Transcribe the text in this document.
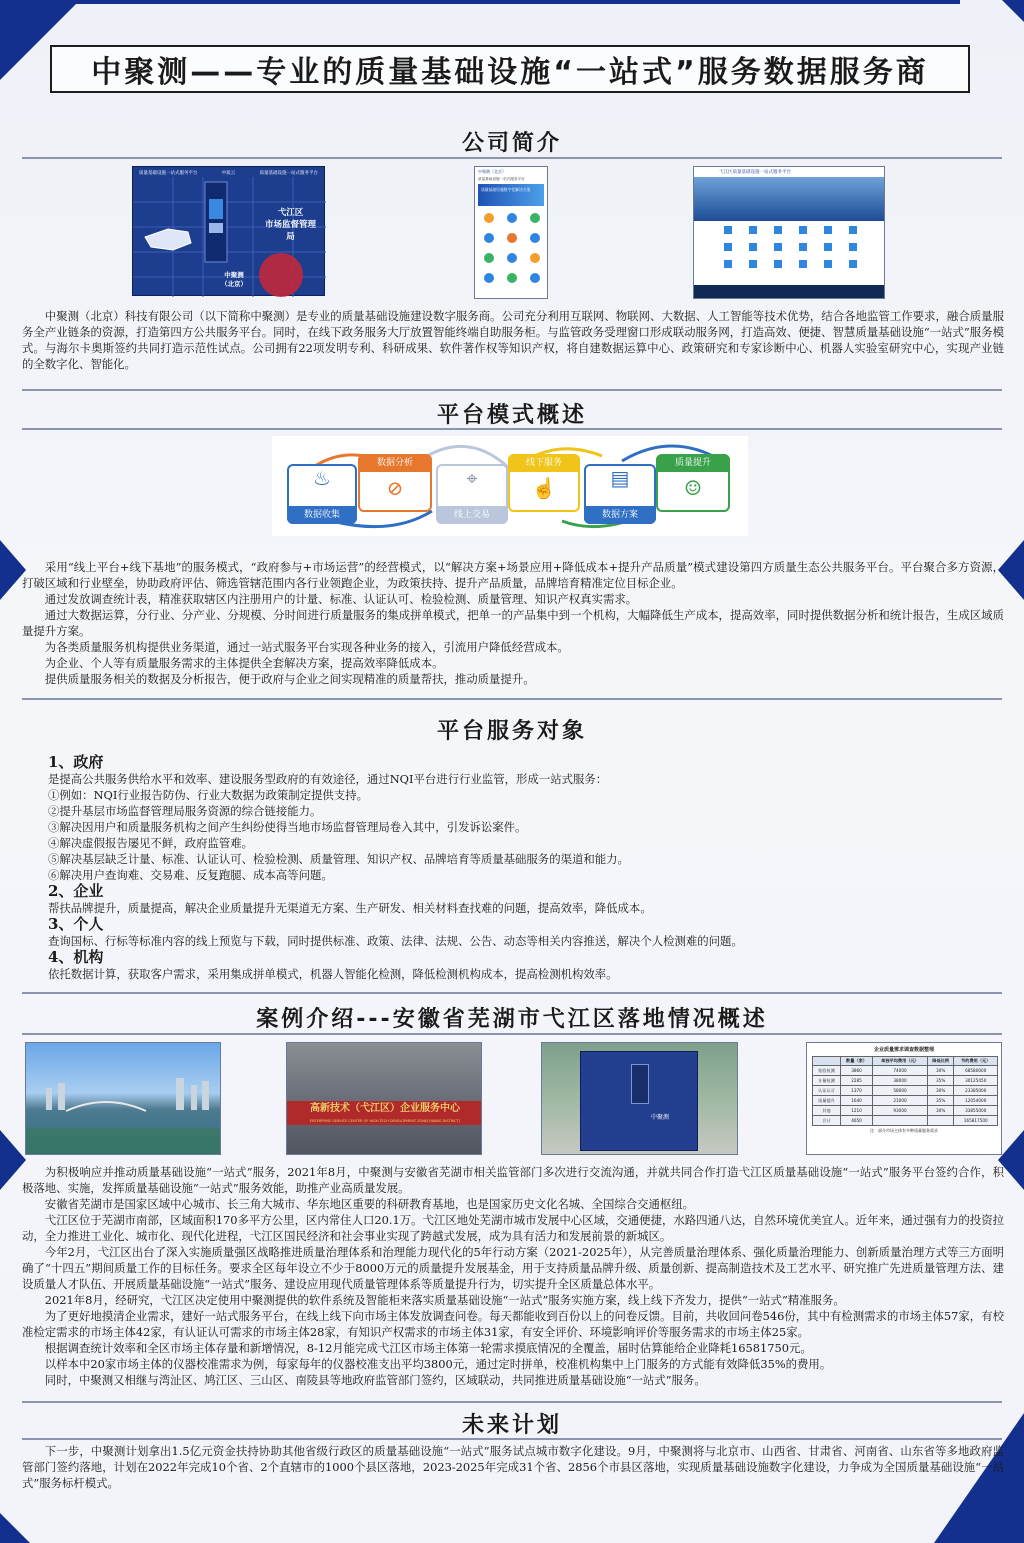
中聚测——专业的质量基础设施“一站式”服务数据服务商
公司简介
质量基础设施一站式服务平台	中质云	质量基础设施一站式服务平台
弋江区
弋江区
市场监督管理局
中聚测
（北京）
中聚测（北京）
质量基础设施一站式服务平台
质量基础设施数字化解决方案
弋江区质量基础设施一站式服务平台

中聚测（北京）科技有限公司（以下简称中聚测）是专业的质量基础设施建设数字服务商。公司充分利用互联网、物联网、大数据、人工智能等技术优势，结合各地监管工作要求，融合质量服务全产业链条的资源，打造第四方公共服务平台。同时，在线下政务服务大厅放置智能终端自助服务柜。与监管政务受理窗口形成联动服务网，打造高效、便捷、智慧质量基础设施“一站式”服务模式。与海尔卡奥斯签约共同打造示范性试点。公司拥有22项发明专利、科研成果、软件著作权等知识产权，将自建数据运算中心、政策研究和专家诊断中心、机器人实验室研究中心，实现产业链的全数字化、智能化。

平台模式概述
♨
数据收集
数据分析
⊘	⌖
线上交易
线下服务
☝	▤
数据方案
质量提升
☺

采用“线上平台+线下基地”的服务模式，“政府参与+市场运营”的经营模式，以“解决方案+场景应用+降低成本+提升产品质量”模式建设第四方质量生态公共服务平台。平台聚合多方资源，打破区域和行业壁垒，协助政府评估、筛选管辖范围内各行业领跑企业，为政策扶持、提升产品质量，品牌培育精准定位目标企业。

通过发放调查统计表，精准获取辖区内注册用户的计量、标准、认证认可、检验检测、质量管理、知识产权真实需求。

通过大数据运算，分行业、分产业、分规模、分时间进行质量服务的集成拼单模式，把单一的产品集中到一个机构，大幅降低生产成本，提高效率，同时提供数据分析和统计报告，生成区域质量提升方案。

为各类质量服务机构提供业务渠道，通过一站式服务平台实现各种业务的接入，引流用户降低经营成本。

为企业、个人等有质量服务需求的主体提供全套解决方案，提高效率降低成本。

提供质量服务相关的数据及分析报告，便于政府与企业之间实现精准的质量帮扶，推动质量提升。

平台服务对象
1、政府

是提高公共服务供给水平和效率、建设服务型政府的有效途径，通过NQI平台进行行业监管，形成一站式服务：

①例如：NQI行业报告防伪、行业大数据为政策制定提供支持。

②提升基层市场监督管理局服务资源的综合链接能力。

③解决因用户和质量服务机构之间产生纠纷使得当地市场监督管理局卷入其中，引发诉讼案件。

④解决虚假报告屡见不鲜，政府监管难。

⑤解决基层缺乏计量、标准、认证认可、检验检测、质量管理、知识产权、品牌培育等质量基础服务的渠道和能力。

⑥解决用户查询难、交易难、反复跑腿、成本高等问题。

2、企业

帮扶品牌提升，质量提高，解决企业质量提升无渠道无方案、生产研发、相关材料查找难的问题，提高效率，降低成本。

3、个人

查询国标、行标等标准内容的线上预览与下载，同时提供标准、政策、法律、法规、公告、动态等相关内容推送，解决个人检测难的问题。

4、机构

依托数据计算，获取客户需求，采用集成拼单模式，机器人智能化检测，降低检测机构成本，提高检测机构效率。

案例介绍---安徽省芜湖市弋江区落地情况概述
高新技术（弋江区）企业服务中心
ENTERPRISE SERVICE CENTER OF HIGH-TECH DEVELOPMENT ZONE(YIJIANG DISTRICT)	中聚测
企业质量需求调查数据整理
	数量（家）	单独平均费用（元）	降低比例	节约费用（元）
检验检测	3860	74000	30%	68580000
计量检测	2285	38000	35%	30125450
认证认可	1370	58000	30%	23385000
质量提升	1640	21000	35%	12054000
其他	1210	93000	30%	33855000
合计	4650			165817500
注：部分市场主体有多种质量服务需求

为积极响应并推动质量基础设施“一站式”服务，2021年8月，中聚测与安徽省芜湖市相关监管部门多次进行交流沟通，并就共同合作打造弋江区质量基础设施“一站式”服务平台签约合作，积极落地、实施，发挥质量基础设施“一站式”服务效能，助推产业高质量发展。

安徽省芜湖市是国家区域中心城市、长三角大城市、华东地区重要的科研教育基地，也是国家历史文化名城、全国综合交通枢纽。

弋江区位于芜湖市南部，区域面积170多平方公里，区内常住人口20.1万。弋江区地处芜湖市城市发展中心区域，交通便捷，水路四通八达，自然环境优美宜人。近年来，通过强有力的投资拉动，全力推进工业化、城市化、现代化进程，弋江区国民经济和社会事业实现了跨越式发展，成为具有活力和发展前景的新城区。

今年2月，弋江区出台了深入实施质量强区战略推进质量治理体系和治理能力现代化的5年行动方案（2021-2025年），从完善质量治理体系、强化质量治理能力、创新质量治理方式等三方面明确了“十四五”期间质量工作的目标任务。要求全区每年设立不少于8000万元的质量提升发展基金，用于支持质量品牌升级、质量创新、提高制造技术及工艺水平、研究推广先进质量管理方法、建设质量人才队伍、开展质量基础设施“一站式”服务、建设应用现代质量管理体系等质量提升行为，切实提升全区质量总体水平。

2021年8月，经研究，弋江区决定使用中聚测提供的软件系统及智能柜来落实质量基础设施“一站式”服务实施方案，线上线下齐发力，提供“一站式”精准服务。

为了更好地摸清企业需求，建好一站式服务平台，在线上线下向市场主体发放调查问卷。每天都能收到百份以上的问卷反馈。目前，共收回问卷546份，其中有检测需求的市场主体57家，有校准检定需求的市场主体42家，有认证认可需求的市场主体28家，有知识产权需求的市场主体31家，有安全评价、环境影响评价等服务需求的市场主体25家。

根据调查统计效率和全区市场主体存量和新增情况，8-12月能完成弋江区市场主体第一轮需求摸底情况的全覆盖，届时估算能给企业降耗16581750元。

以样本中20家市场主体的仪器校准需求为例，每家每年的仪器校准支出平均3800元，通过定时拼单，校准机构集中上门服务的方式能有效降低35%的费用。

同时，中聚测又相继与湾沚区、鸠江区、三山区、南陵县等地政府监管部门签约，区域联动，共同推进质量基础设施“一站式”服务。

未来计划

下一步，中聚测计划拿出1.5亿元资金扶持协助其他省级行政区的质量基础设施“一站式”服务试点城市数字化建设。9月，中聚测将与北京市、山西省、甘肃省、河南省、山东省等多地政府监管部门签约落地，计划在2022年完成10个省、2个直辖市的1000个县区落地，2023-2025年完成31个省、2856个市县区落地，实现质量基础设施数字化建设，力争成为全国质量基础设施“一站式”服务标杆模式。
